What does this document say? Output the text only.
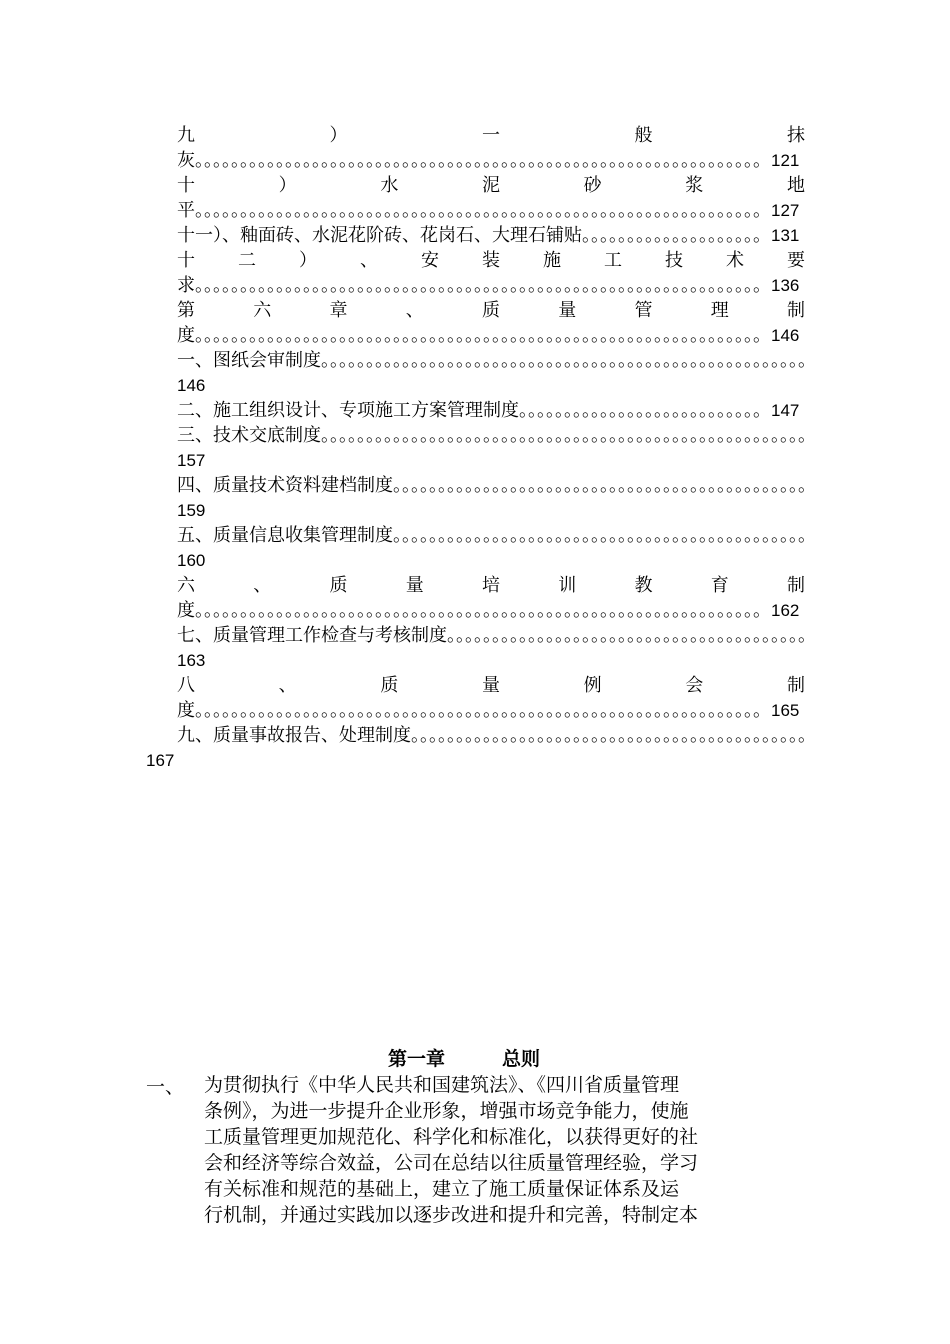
九	）	一	般	抹
灰。。。。。。。。。。。。。。。。。。。。。。。。。。。。。。。。。。。。。。。。。。。。。。。。。。。。。。。。。。。。。。。121
十	）	水	泥	砂	浆	地
平。。。。。。。。。。。。。。。。。。。。。。。。。。。。。。。。。。。。。。。。。。。。。。。。。。。。。。。。。。。。。。。127
十一）、釉面砖、水泥花阶砖、花岗石、大理石铺贴。。。。。。。。。。。。。。。。。。。。131
十 二 ） 、 安 装 施 工 技 术 要
求。。。。。。。。。。。。。。。。。。。。。。。。。。。。。。。。。。。。。。。。。。。。。。。。。。。。。。。。。。。。。。。136
第	六	章	、	质	量	管	理	制
度。。。。。。。。。。。。。。。。。。。。。。。。。。。。。。。。。。。。。。。。。。。。。。。。。。。。。。。。。。。。。。。146
一、图纸会审制度。。。。。。。。。。。。。。。。。。。。。。。。。。。。。。。。。。。。。。。。。。。。。。。。。。。。。。
146
二、施工组织设计、专项施工方案管理制度。。。。。。。。。。。。。。。。。。。。。。。。。。。147
三、技术交底制度。。。。。。。。。。。。。。。。。。。。。。。。。。。。。。。。。。。。。。。。。。。。。。。。。。。。。。
157
四、质量技术资料建档制度。。。。。。。。。。。。。。。。。。。。。。。。。。。。。。。。。。。。。。。。。。。。。。
159
五、质量信息收集管理制度。。。。。。。。。。。。。。。。。。。。。。。。。。。。。。。。。。。。。。。。。。。。。。
160
六	、	质	量	培	训	教	育	制
度。。。。。。。。。。。。。。。。。。。。。。。。。。。。。。。。。。。。。。。。。。。。。。。。。。。。。。。。。。。。。。。162
七、质量管理工作检查与考核制度。。。。。。。。。。。。。。。。。。。。。。。。。。。。。。。。。。。。。。。。
163
八	、	质	量	例	会	制
度。。。。。。。。。。。。。。。。。。。。。。。。。。。。。。。。。。。。。。。。。。。。。。。。。。。。。。。。。。。。。。。165
九、质量事故报告、处理制度。。。。。。。。。。。。。。。。。。。。。。。。。。。。。。。。。。。。。。。。。。。。
167
第一章　　　总则
一、 为贯彻执行《中华人民共和国建筑法》、《四川省质量管理
条例》，为进一步提升企业形象，增强市场竞争能力，使施
工质量管理更加规范化、科学化和标准化，以获得更好的社
会和经济等综合效益，公司在总结以往质量管理经验，学习
有关标准和规范的基础上，建立了施工质量保证体系及运
行机制，并通过实践加以逐步改进和提升和完善，特制定本
